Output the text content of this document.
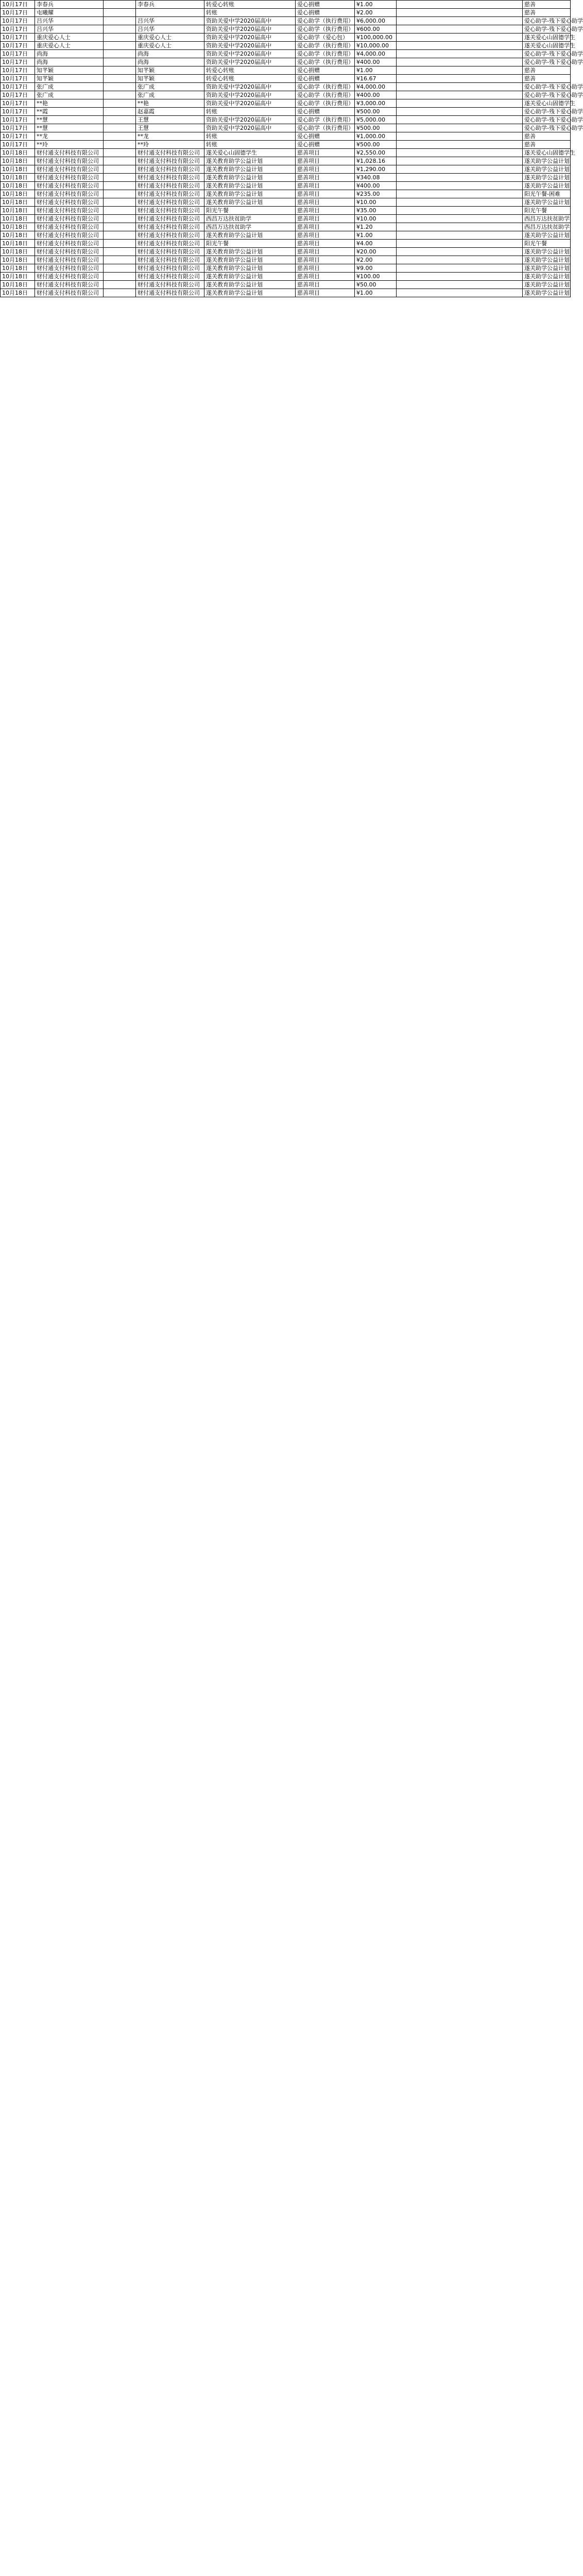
10月17日	李春兵		李春兵	转爱心转账	爱心捐赠	¥1.00		慈善
10月17日	屯曦耀			转账	爱心捐赠	¥2.00		慈善
10月17日	吕兴华		吕兴华	资助关爱中学2020届高中	爱心助学（执行费用）	¥6,000.00		爱心助学-残下爱心助学
10月17日	吕兴华		吕兴华	资助关爱中学2020届高中	爱心助学（执行费用）	¥600.00		爱心助学-残下爱心助学
10月17日	重庆爱心人士		重庆爱心人士	资助关爱中学2020届高中	爱心助学（爱心包）	¥100,000.00		遂关爱心山固德学生
10月17日	重庆爱心人士		重庆爱心人士	资助关爱中学2020届高中	爱心助学（执行费用）	¥10,000.00		遂关爱心山固德学生
10月17日	尚海		尚海	资助关爱中学2020届高中	爱心助学（执行费用）	¥4,000.00		爱心助学-残下爱心助学
10月17日	尚海		尚海	资助关爱中学2020届高中	爱心助学（执行费用）	¥400.00		爱心助学-残下爱心助学
10月17日	知芊颖		知芊颖	转爱心转账	爱心捐赠	¥1.00		慈善
10月17日	知芊颖		知芊颖	转爱心转账	爱心捐赠	¥16.67		慈善
10月17日	张广成		张广成	资助关爱中学2020届高中	爱心助学（执行费用）	¥4,000.00		爱心助学-残下爱心助学
10月17日	张广成		张广成	资助关爱中学2020届高中	爱心助学（执行费用）	¥400.00		爱心助学-残下爱心助学
10月17日	**艳		**艳	资助关爱中学2020届高中	爱心助学（执行费用）	¥3,000.00		遂关爱心山固德学生
10月17日	**霞		赵嘉霞	转账	爱心捐赠	¥500.00		爱心助学-残下爱心助学
10月17日	**慧		王慧	资助关爱中学2020届高中	爱心助学（执行费用）	¥5,000.00		爱心助学-残下爱心助学
10月17日	**慧		王慧	资助关爱中学2020届高中	爱心助学（执行费用）	¥500.00		爱心助学-残下爱心助学
10月17日	**龙		**龙	转账	爱心捐赠	¥1,000.00		慈善
10月17日	**玲		**玲	转账	爱心捐赠	¥500.00		慈善
10月18日	财付通支付科技有限公司		财付通支付科技有限公司	遂关爱心山固德学生	慈善项目	¥2,550.00		遂关爱心山固德学生
10月18日	财付通支付科技有限公司		财付通支付科技有限公司	遂关教育助学公益计划	慈善项目	¥1,028.16		遂关助学公益计划
10月18日	财付通支付科技有限公司		财付通支付科技有限公司	遂关教育助学公益计划	慈善项目	¥1,290.00		遂关助学公益计划
10月18日	财付通支付科技有限公司		财付通支付科技有限公司	遂关教育助学公益计划	慈善项目	¥340.08		遂关助学公益计划
10月18日	财付通支付科技有限公司		财付通支付科技有限公司	遂关教育助学公益计划	慈善项目	¥400.00		遂关助学公益计划
10月18日	财付通支付科技有限公司		财付通支付科技有限公司	遂关教育助学公益计划	慈善项目	¥235.00		阳光午餐-困难
10月18日	财付通支付科技有限公司		财付通支付科技有限公司	遂关教育助学公益计划	慈善项目	¥10.00		遂关助学公益计划
10月18日	财付通支付科技有限公司		财付通支付科技有限公司	阳光午餐	慈善项目	¥35.00		阳光午餐
10月18日	财付通支付科技有限公司		财付通支付科技有限公司	西昌万达扶贫助学	慈善项目	¥10.00		西昌万达扶贫助学
10月18日	财付通支付科技有限公司		财付通支付科技有限公司	西昌万达扶贫助学	慈善项目	¥1.20		西昌万达扶贫助学
10月18日	财付通支付科技有限公司		财付通支付科技有限公司	遂关教育助学公益计划	慈善项目	¥1.00		遂关助学公益计划
10月18日	财付通支付科技有限公司		财付通支付科技有限公司	阳光午餐	慈善项目	¥4.00		阳光午餐
10月18日	财付通支付科技有限公司		财付通支付科技有限公司	遂关教育助学公益计划	慈善项目	¥20.00		遂关助学公益计划
10月18日	财付通支付科技有限公司		财付通支付科技有限公司	遂关教育助学公益计划	慈善项目	¥2.00		遂关助学公益计划
10月18日	财付通支付科技有限公司		财付通支付科技有限公司	遂关教育助学公益计划	慈善项目	¥9.00		遂关助学公益计划
10月18日	财付通支付科技有限公司		财付通支付科技有限公司	遂关教育助学公益计划	慈善项目	¥100.00		遂关助学公益计划
10月18日	财付通支付科技有限公司		财付通支付科技有限公司	遂关教育助学公益计划	慈善项目	¥50.00		遂关助学公益计划
10月18日	财付通支付科技有限公司		财付通支付科技有限公司	遂关教育助学公益计划	慈善项目	¥1.00		遂关助学公益计划
